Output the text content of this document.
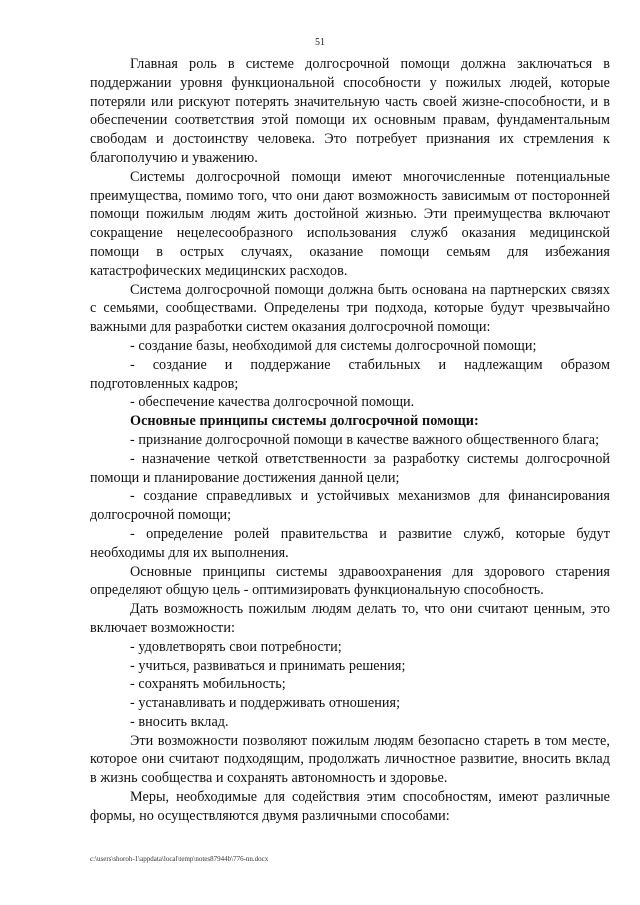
51

Главная роль в системе долгосрочной помощи должна заключаться в поддержании уровня функциональной способности у пожилых людей, которые потеряли или рискуют потерять значительную часть своей жизне-способности, и в обеспечении соответствия этой помощи их основным правам, фундаментальным свободам и достоинству человека. Это потребует признания их стремления к благополучию и уважению.

Системы долгосрочной помощи имеют многочисленные потенциальные преимущества, помимо того, что они дают возможность зависимым от посторонней помощи пожилым людям жить достойной жизнью. Эти преимущества включают сокращение нецелесообразного использования служб оказания медицинской помощи в острых случаях, оказание помощи семьям для избежания катастрофических медицинских расходов.

Система долгосрочной помощи должна быть основана на партнерских связях с семьями, сообществами. Определены три подхода, которые будут чрезвычайно важными для разработки систем оказания долгосрочной помощи:

- создание базы, необходимой для системы долгосрочной помощи;

- создание и поддержание стабильных и надлежащим образом подготовленных кадров;

- обеспечение качества долгосрочной помощи.

Основные принципы системы долгосрочной помощи:

- признание долгосрочной помощи в качестве важного общественного блага;

- назначение четкой ответственности за разработку системы долгосрочной помощи и планирование достижения данной цели;

- создание справедливых и устойчивых механизмов для финансирования долгосрочной помощи;

- определение ролей правительства и развитие служб, которые будут необходимы для их выполнения.

Основные принципы системы здравоохранения для здорового старения определяют общую цель - оптимизировать функциональную способность.

Дать возможность пожилым людям делать то, что они считают ценным, это включает возможности:

- удовлетворять свои потребности;

- учиться, развиваться и принимать решения;

- сохранять мобильность;

- устанавливать и поддерживать отношения;

- вносить вклад.

Эти возможности позволяют пожилым людям безопасно стареть в том месте, которое они считают подходящим, продолжать личностное развитие, вносить вклад в жизнь сообщества и сохранять автономность и здоровье.

Меры, необходимые для содействия этим способностям, имеют различные формы, но осуществляются двумя различными способами:

c:\users\shoroh-1\appdata\local\temp\notes87944b\776-nn.docx
